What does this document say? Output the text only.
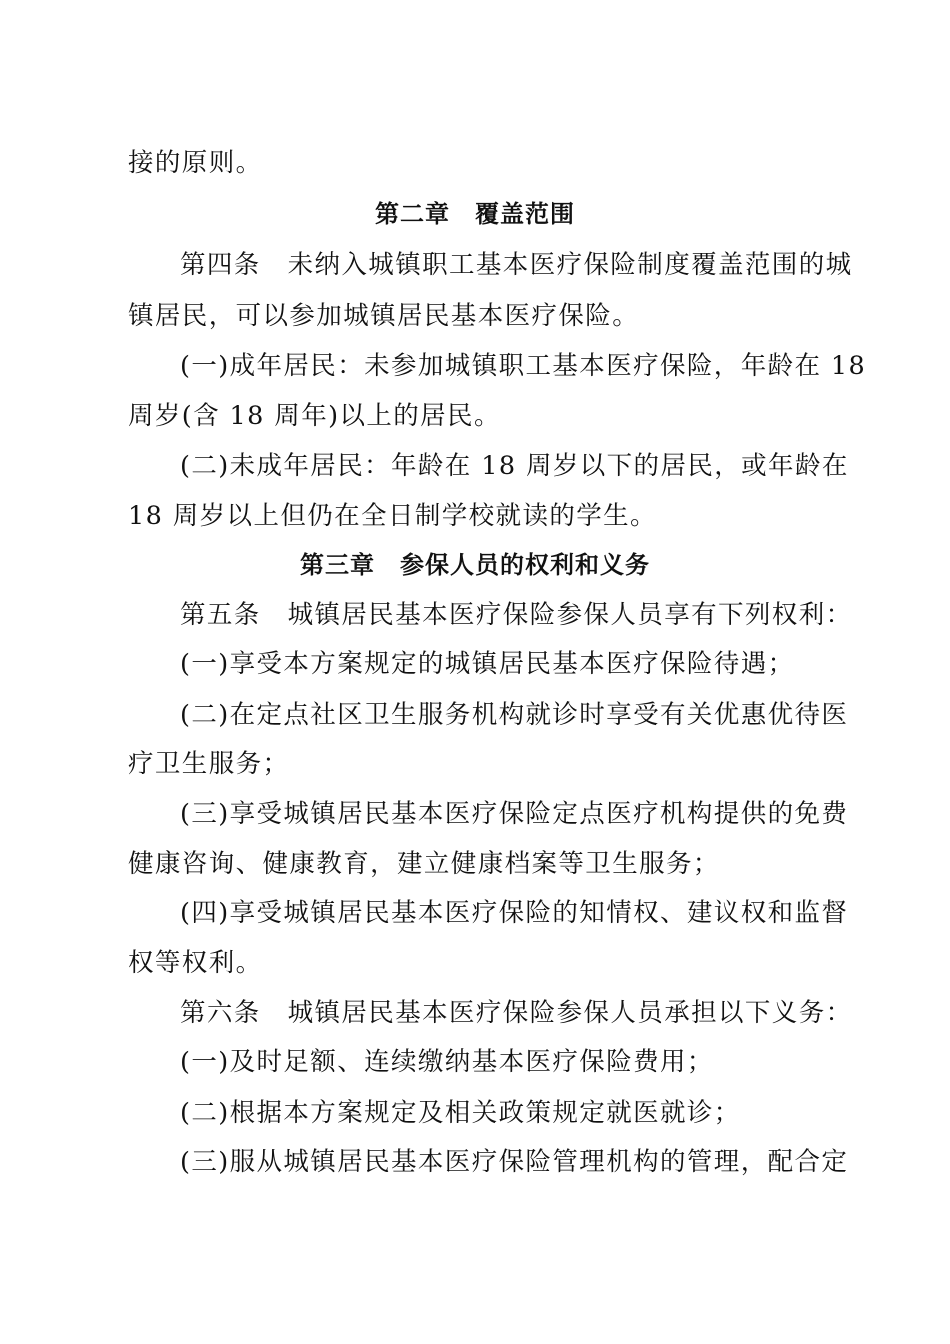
接的原则。
第二章　覆盖范围
第四条　未纳入城镇职工基本医疗保险制度覆盖范围的城
镇居民，可以参加城镇居民基本医疗保险。
(一)成年居民：未参加城镇职工基本医疗保险，年龄在 18
周岁(含 18 周年)以上的居民。
(二)未成年居民：年龄在 18 周岁以下的居民，或年龄在
18 周岁以上但仍在全日制学校就读的学生。
第三章　参保人员的权利和义务
第五条　城镇居民基本医疗保险参保人员享有下列权利：
(一)享受本方案规定的城镇居民基本医疗保险待遇；
(二)在定点社区卫生服务机构就诊时享受有关优惠优待医
疗卫生服务；
(三)享受城镇居民基本医疗保险定点医疗机构提供的免费
健康咨询、健康教育，建立健康档案等卫生服务；
(四)享受城镇居民基本医疗保险的知情权、建议权和监督
权等权利。
第六条　城镇居民基本医疗保险参保人员承担以下义务：
(一)及时足额、连续缴纳基本医疗保险费用；
(二)根据本方案规定及相关政策规定就医就诊；
(三)服从城镇居民基本医疗保险管理机构的管理，配合定
